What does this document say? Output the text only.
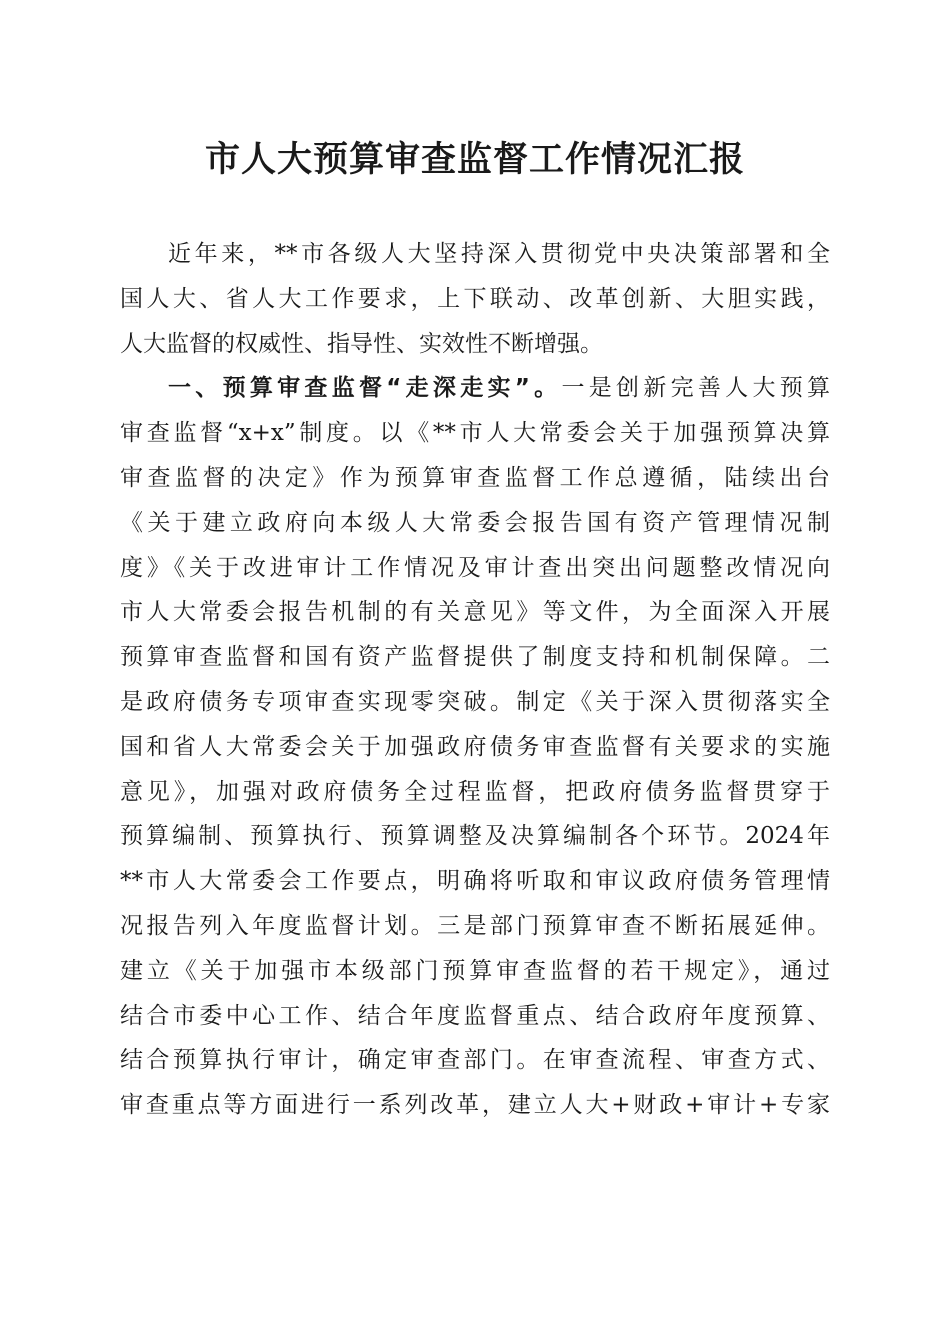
市人大预算审查监督工作情况汇报
近年来，**市各级人大坚持深入贯彻党中央决策部署和全
国人大、省人大工作要求，上下联动、改革创新、大胆实践，
人大监督的权威性、指导性、实效性不断增强。
一、预算审查监督“走深走实”。一是创新完善人大预算
审查监督“x+x”制度。以《**市人大常委会关于加强预算决算
审查监督的决定》作为预算审查监督工作总遵循，陆续出台
《关于建立政府向本级人大常委会报告国有资产管理情况制
度》《关于改进审计工作情况及审计查出突出问题整改情况向
市人大常委会报告机制的有关意见》等文件，为全面深入开展
预算审查监督和国有资产监督提供了制度支持和机制保障。二
是政府债务专项审查实现零突破。制定《关于深入贯彻落实全
国和省人大常委会关于加强政府债务审查监督有关要求的实施
意见》，加强对政府债务全过程监督，把政府债务监督贯穿于
预算编制、预算执行、预算调整及决算编制各个环节。2024年
**市人大常委会工作要点，明确将听取和审议政府债务管理情
况报告列入年度监督计划。三是部门预算审查不断拓展延伸。
建立《关于加强市本级部门预算审查监督的若干规定》，通过
结合市委中心工作、结合年度监督重点、结合政府年度预算、
结合预算执行审计，确定审查部门。在审查流程、审查方式、
审查重点等方面进行一系列改革，建立人大+财政+审计+专家
